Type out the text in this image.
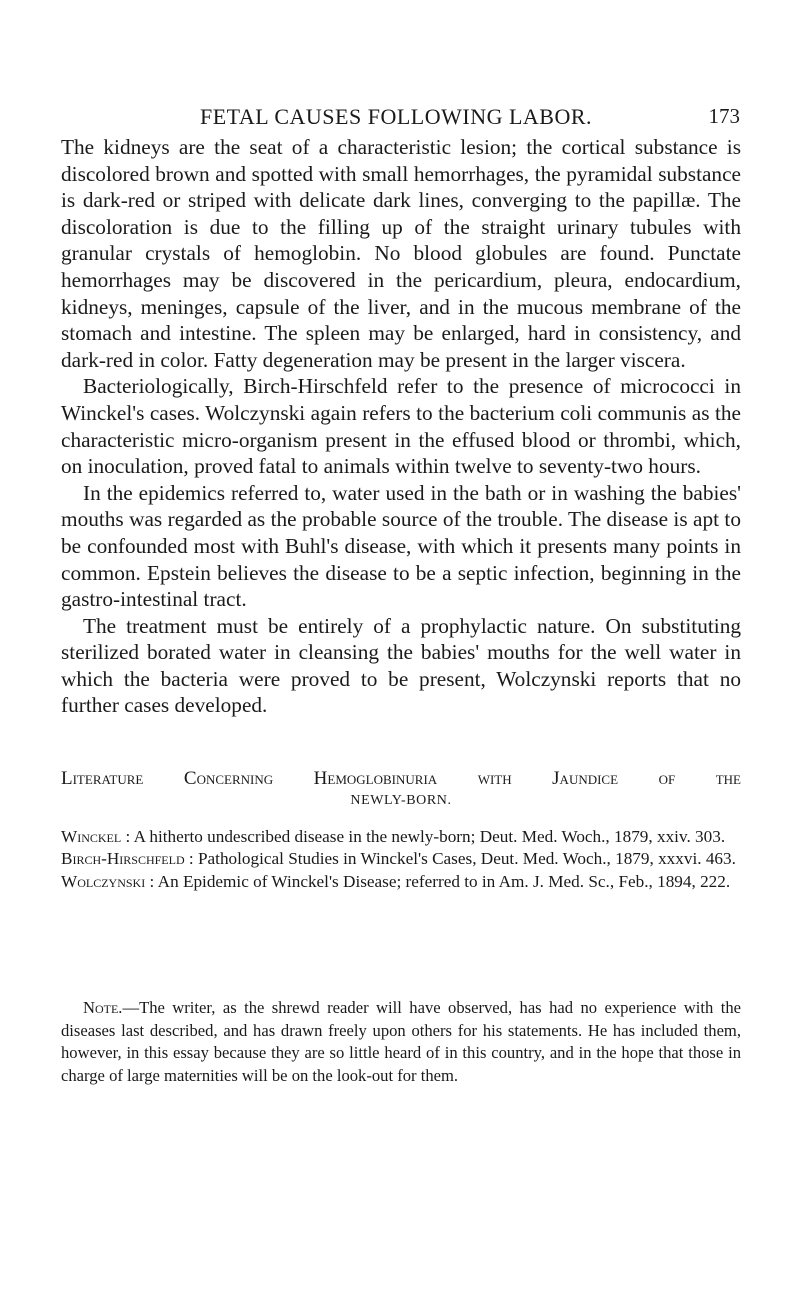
FETAL CAUSES FOLLOWING LABOR.	173

The kidneys are the seat of a characteristic lesion; the cortical substance is discolored brown and spotted with small hemorrhages, the pyramidal substance is dark-red or striped with delicate dark lines, converging to the papillæ. The discoloration is due to the filling up of the straight urinary tubules with granular crystals of hemoglobin. No blood globules are found. Punctate hemorrhages may be discovered in the pericardium, pleura, endocardium, kidneys, meninges, capsule of the liver, and in the mucous membrane of the stomach and intestine. The spleen may be enlarged, hard in consistency, and dark-red in color. Fatty degeneration may be present in the larger viscera.

Bacteriologically, Birch-Hirschfeld refer to the presence of micrococci in Winckel's cases. Wolczynski again refers to the bacterium coli communis as the characteristic micro-organism present in the effused blood or thrombi, which, on inoculation, proved fatal to animals within twelve to seventy-two hours.

In the epidemics referred to, water used in the bath or in washing the babies' mouths was regarded as the probable source of the trouble. The disease is apt to be confounded most with Buhl's disease, with which it presents many points in common. Epstein believes the disease to be a septic infection, beginning in the gastro-intestinal tract.

The treatment must be entirely of a prophylactic nature. On substituting sterilized borated water in cleansing the babies' mouths for the well water in which the bacteria were proved to be present, Wolczynski reports that no further cases developed.

Literature Concerning Hemoglobinuria with Jaundice of the
NEWLY-BORN.

Winckel : A hitherto undescribed disease in the newly-born; Deut. Med. Woch., 1879, xxiv. 303.

Birch-Hirschfeld : Pathological Studies in Winckel's Cases, Deut. Med. Woch., 1879, xxxvi. 463.

Wolczynski : An Epidemic of Winckel's Disease; referred to in Am. J. Med. Sc., Feb., 1894, 222.

Note.—The writer, as the shrewd reader will have observed, has had no experience with the diseases last described, and has drawn freely upon others for his statements. He has included them, however, in this essay because they are so little heard of in this country, and in the hope that those in charge of large maternities will be on the look-out for them.
